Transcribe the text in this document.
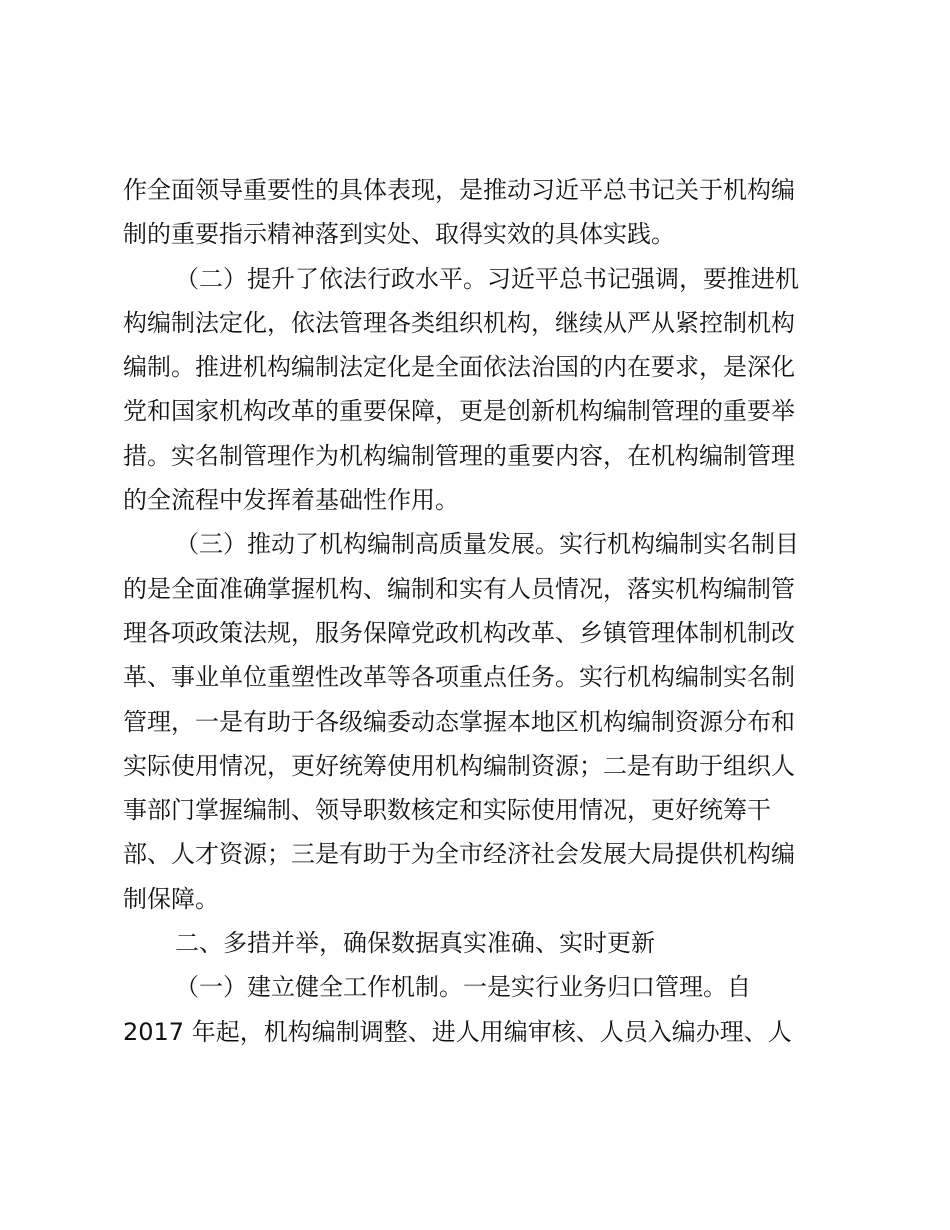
作全面领导重要性的具体表现，是推动习近平总书记关于机构编
制的重要指示精神落到实处、取得实效的具体实践。
（二）提升了依法行政水平。习近平总书记强调，要推进机
构编制法定化，依法管理各类组织机构，继续从严从紧控制机构
编制。推进机构编制法定化是全面依法治国的内在要求，是深化
党和国家机构改革的重要保障，更是创新机构编制管理的重要举
措。实名制管理作为机构编制管理的重要内容，在机构编制管理
的全流程中发挥着基础性作用。
（三）推动了机构编制高质量发展。实行机构编制实名制目
的是全面准确掌握机构、编制和实有人员情况，落实机构编制管
理各项政策法规，服务保障党政机构改革、乡镇管理体制机制改
革、事业单位重塑性改革等各项重点任务。实行机构编制实名制
管理，一是有助于各级编委动态掌握本地区机构编制资源分布和
实际使用情况，更好统筹使用机构编制资源；二是有助于组织人
事部门掌握编制、领导职数核定和实际使用情况，更好统筹干
部、人才资源；三是有助于为全市经济社会发展大局提供机构编
制保障。
二、多措并举，确保数据真实准确、实时更新
（一）建立健全工作机制。一是实行业务归口管理。自
2017 年起，机构编制调整、进人用编审核、人员入编办理、人
